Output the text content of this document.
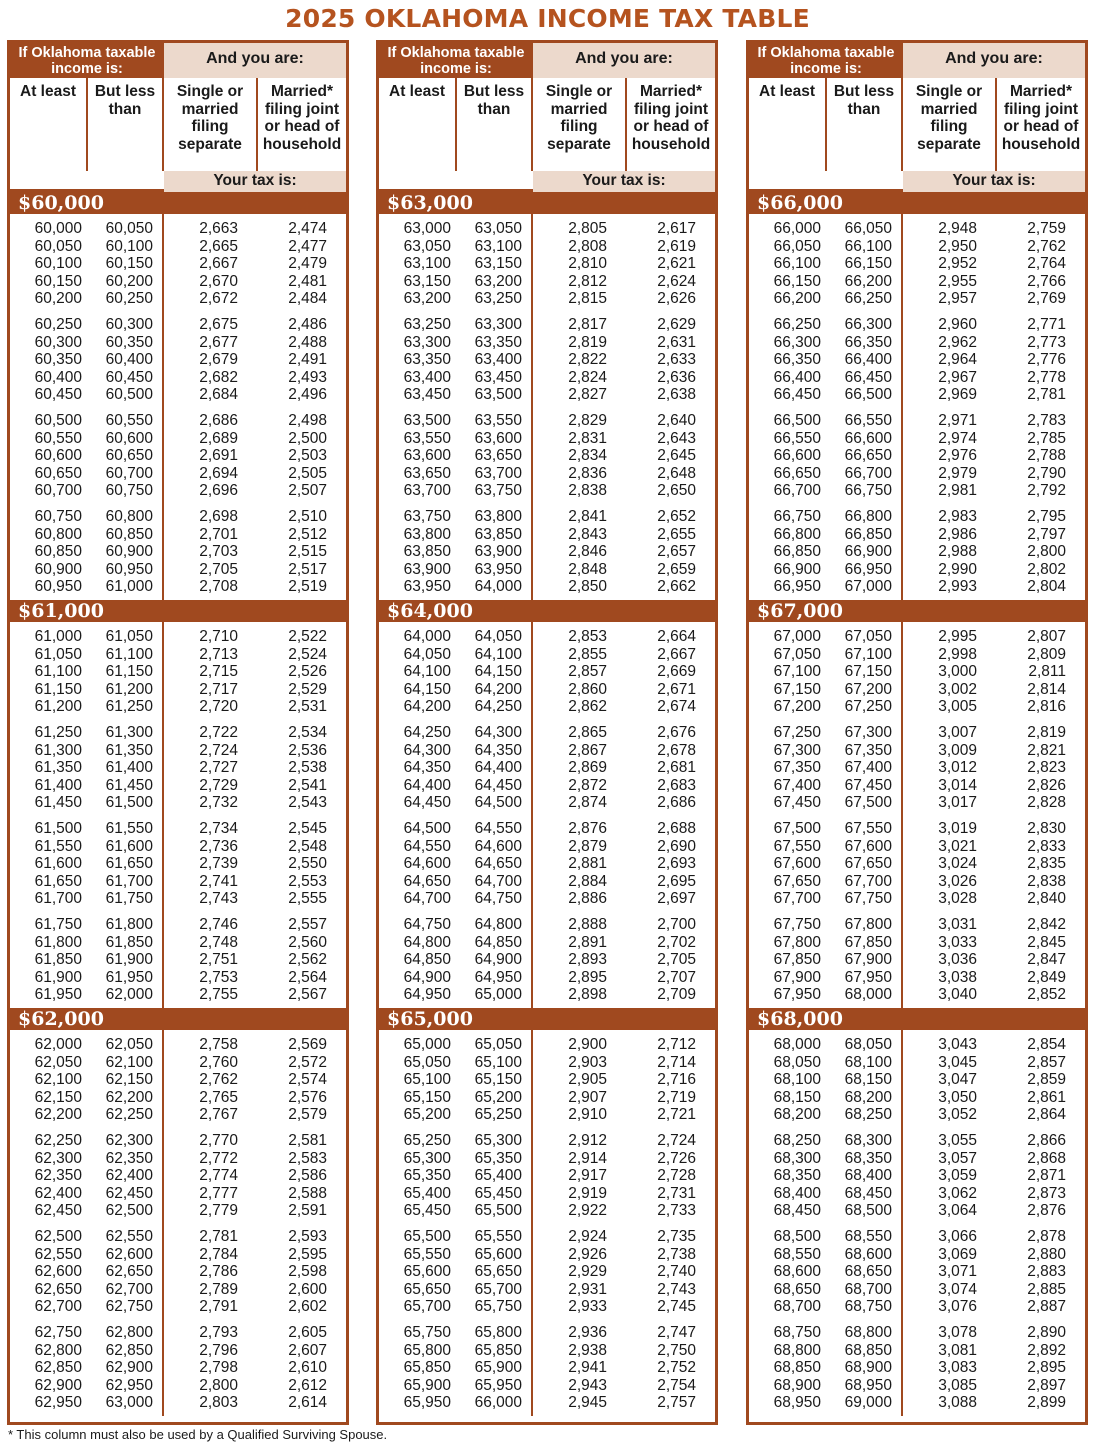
2025 OKLAHOMA INCOME TAX TABLE
If Oklahoma taxable income is:
And you are:
At least	But less than
Single or married filing separate
Married* filing joint or head of household
Your tax is:
$60,000
60,000	60,050	2,663	2,474
60,050	60,100	2,665	2,477
60,100	60,150	2,667	2,479
60,150	60,200	2,670	2,481
60,200	60,250	2,672	2,484
60,250	60,300	2,675	2,486
60,300	60,350	2,677	2,488
60,350	60,400	2,679	2,491
60,400	60,450	2,682	2,493
60,450	60,500	2,684	2,496
60,500	60,550	2,686	2,498
60,550	60,600	2,689	2,500
60,600	60,650	2,691	2,503
60,650	60,700	2,694	2,505
60,700	60,750	2,696	2,507
60,750	60,800	2,698	2,510
60,800	60,850	2,701	2,512
60,850	60,900	2,703	2,515
60,900	60,950	2,705	2,517
60,950	61,000	2,708	2,519
$61,000
61,000	61,050	2,710	2,522
61,050	61,100	2,713	2,524
61,100	61,150	2,715	2,526
61,150	61,200	2,717	2,529
61,200	61,250	2,720	2,531
61,250	61,300	2,722	2,534
61,300	61,350	2,724	2,536
61,350	61,400	2,727	2,538
61,400	61,450	2,729	2,541
61,450	61,500	2,732	2,543
61,500	61,550	2,734	2,545
61,550	61,600	2,736	2,548
61,600	61,650	2,739	2,550
61,650	61,700	2,741	2,553
61,700	61,750	2,743	2,555
61,750	61,800	2,746	2,557
61,800	61,850	2,748	2,560
61,850	61,900	2,751	2,562
61,900	61,950	2,753	2,564
61,950	62,000	2,755	2,567
$62,000
62,000	62,050	2,758	2,569
62,050	62,100	2,760	2,572
62,100	62,150	2,762	2,574
62,150	62,200	2,765	2,576
62,200	62,250	2,767	2,579
62,250	62,300	2,770	2,581
62,300	62,350	2,772	2,583
62,350	62,400	2,774	2,586
62,400	62,450	2,777	2,588
62,450	62,500	2,779	2,591
62,500	62,550	2,781	2,593
62,550	62,600	2,784	2,595
62,600	62,650	2,786	2,598
62,650	62,700	2,789	2,600
62,700	62,750	2,791	2,602
62,750	62,800	2,793	2,605
62,800	62,850	2,796	2,607
62,850	62,900	2,798	2,610
62,900	62,950	2,800	2,612
62,950	63,000	2,803	2,614
If Oklahoma taxable income is:
And you are:
At least	But less than
Single or married filing separate
Married* filing joint or head of household
Your tax is:
$63,000
63,000	63,050	2,805	2,617
63,050	63,100	2,808	2,619
63,100	63,150	2,810	2,621
63,150	63,200	2,812	2,624
63,200	63,250	2,815	2,626
63,250	63,300	2,817	2,629
63,300	63,350	2,819	2,631
63,350	63,400	2,822	2,633
63,400	63,450	2,824	2,636
63,450	63,500	2,827	2,638
63,500	63,550	2,829	2,640
63,550	63,600	2,831	2,643
63,600	63,650	2,834	2,645
63,650	63,700	2,836	2,648
63,700	63,750	2,838	2,650
63,750	63,800	2,841	2,652
63,800	63,850	2,843	2,655
63,850	63,900	2,846	2,657
63,900	63,950	2,848	2,659
63,950	64,000	2,850	2,662
$64,000
64,000	64,050	2,853	2,664
64,050	64,100	2,855	2,667
64,100	64,150	2,857	2,669
64,150	64,200	2,860	2,671
64,200	64,250	2,862	2,674
64,250	64,300	2,865	2,676
64,300	64,350	2,867	2,678
64,350	64,400	2,869	2,681
64,400	64,450	2,872	2,683
64,450	64,500	2,874	2,686
64,500	64,550	2,876	2,688
64,550	64,600	2,879	2,690
64,600	64,650	2,881	2,693
64,650	64,700	2,884	2,695
64,700	64,750	2,886	2,697
64,750	64,800	2,888	2,700
64,800	64,850	2,891	2,702
64,850	64,900	2,893	2,705
64,900	64,950	2,895	2,707
64,950	65,000	2,898	2,709
$65,000
65,000	65,050	2,900	2,712
65,050	65,100	2,903	2,714
65,100	65,150	2,905	2,716
65,150	65,200	2,907	2,719
65,200	65,250	2,910	2,721
65,250	65,300	2,912	2,724
65,300	65,350	2,914	2,726
65,350	65,400	2,917	2,728
65,400	65,450	2,919	2,731
65,450	65,500	2,922	2,733
65,500	65,550	2,924	2,735
65,550	65,600	2,926	2,738
65,600	65,650	2,929	2,740
65,650	65,700	2,931	2,743
65,700	65,750	2,933	2,745
65,750	65,800	2,936	2,747
65,800	65,850	2,938	2,750
65,850	65,900	2,941	2,752
65,900	65,950	2,943	2,754
65,950	66,000	2,945	2,757
If Oklahoma taxable income is:
And you are:
At least	But less than
Single or married filing separate
Married* filing joint or head of household
Your tax is:
$66,000
66,000	66,050	2,948	2,759
66,050	66,100	2,950	2,762
66,100	66,150	2,952	2,764
66,150	66,200	2,955	2,766
66,200	66,250	2,957	2,769
66,250	66,300	2,960	2,771
66,300	66,350	2,962	2,773
66,350	66,400	2,964	2,776
66,400	66,450	2,967	2,778
66,450	66,500	2,969	2,781
66,500	66,550	2,971	2,783
66,550	66,600	2,974	2,785
66,600	66,650	2,976	2,788
66,650	66,700	2,979	2,790
66,700	66,750	2,981	2,792
66,750	66,800	2,983	2,795
66,800	66,850	2,986	2,797
66,850	66,900	2,988	2,800
66,900	66,950	2,990	2,802
66,950	67,000	2,993	2,804
$67,000
67,000	67,050	2,995	2,807
67,050	67,100	2,998	2,809
67,100	67,150	3,000	2,811
67,150	67,200	3,002	2,814
67,200	67,250	3,005	2,816
67,250	67,300	3,007	2,819
67,300	67,350	3,009	2,821
67,350	67,400	3,012	2,823
67,400	67,450	3,014	2,826
67,450	67,500	3,017	2,828
67,500	67,550	3,019	2,830
67,550	67,600	3,021	2,833
67,600	67,650	3,024	2,835
67,650	67,700	3,026	2,838
67,700	67,750	3,028	2,840
67,750	67,800	3,031	2,842
67,800	67,850	3,033	2,845
67,850	67,900	3,036	2,847
67,900	67,950	3,038	2,849
67,950	68,000	3,040	2,852
$68,000
68,000	68,050	3,043	2,854
68,050	68,100	3,045	2,857
68,100	68,150	3,047	2,859
68,150	68,200	3,050	2,861
68,200	68,250	3,052	2,864
68,250	68,300	3,055	2,866
68,300	68,350	3,057	2,868
68,350	68,400	3,059	2,871
68,400	68,450	3,062	2,873
68,450	68,500	3,064	2,876
68,500	68,550	3,066	2,878
68,550	68,600	3,069	2,880
68,600	68,650	3,071	2,883
68,650	68,700	3,074	2,885
68,700	68,750	3,076	2,887
68,750	68,800	3,078	2,890
68,800	68,850	3,081	2,892
68,850	68,900	3,083	2,895
68,900	68,950	3,085	2,897
68,950	69,000	3,088	2,899
* This column must also be used by a Qualified Surviving Spouse.
